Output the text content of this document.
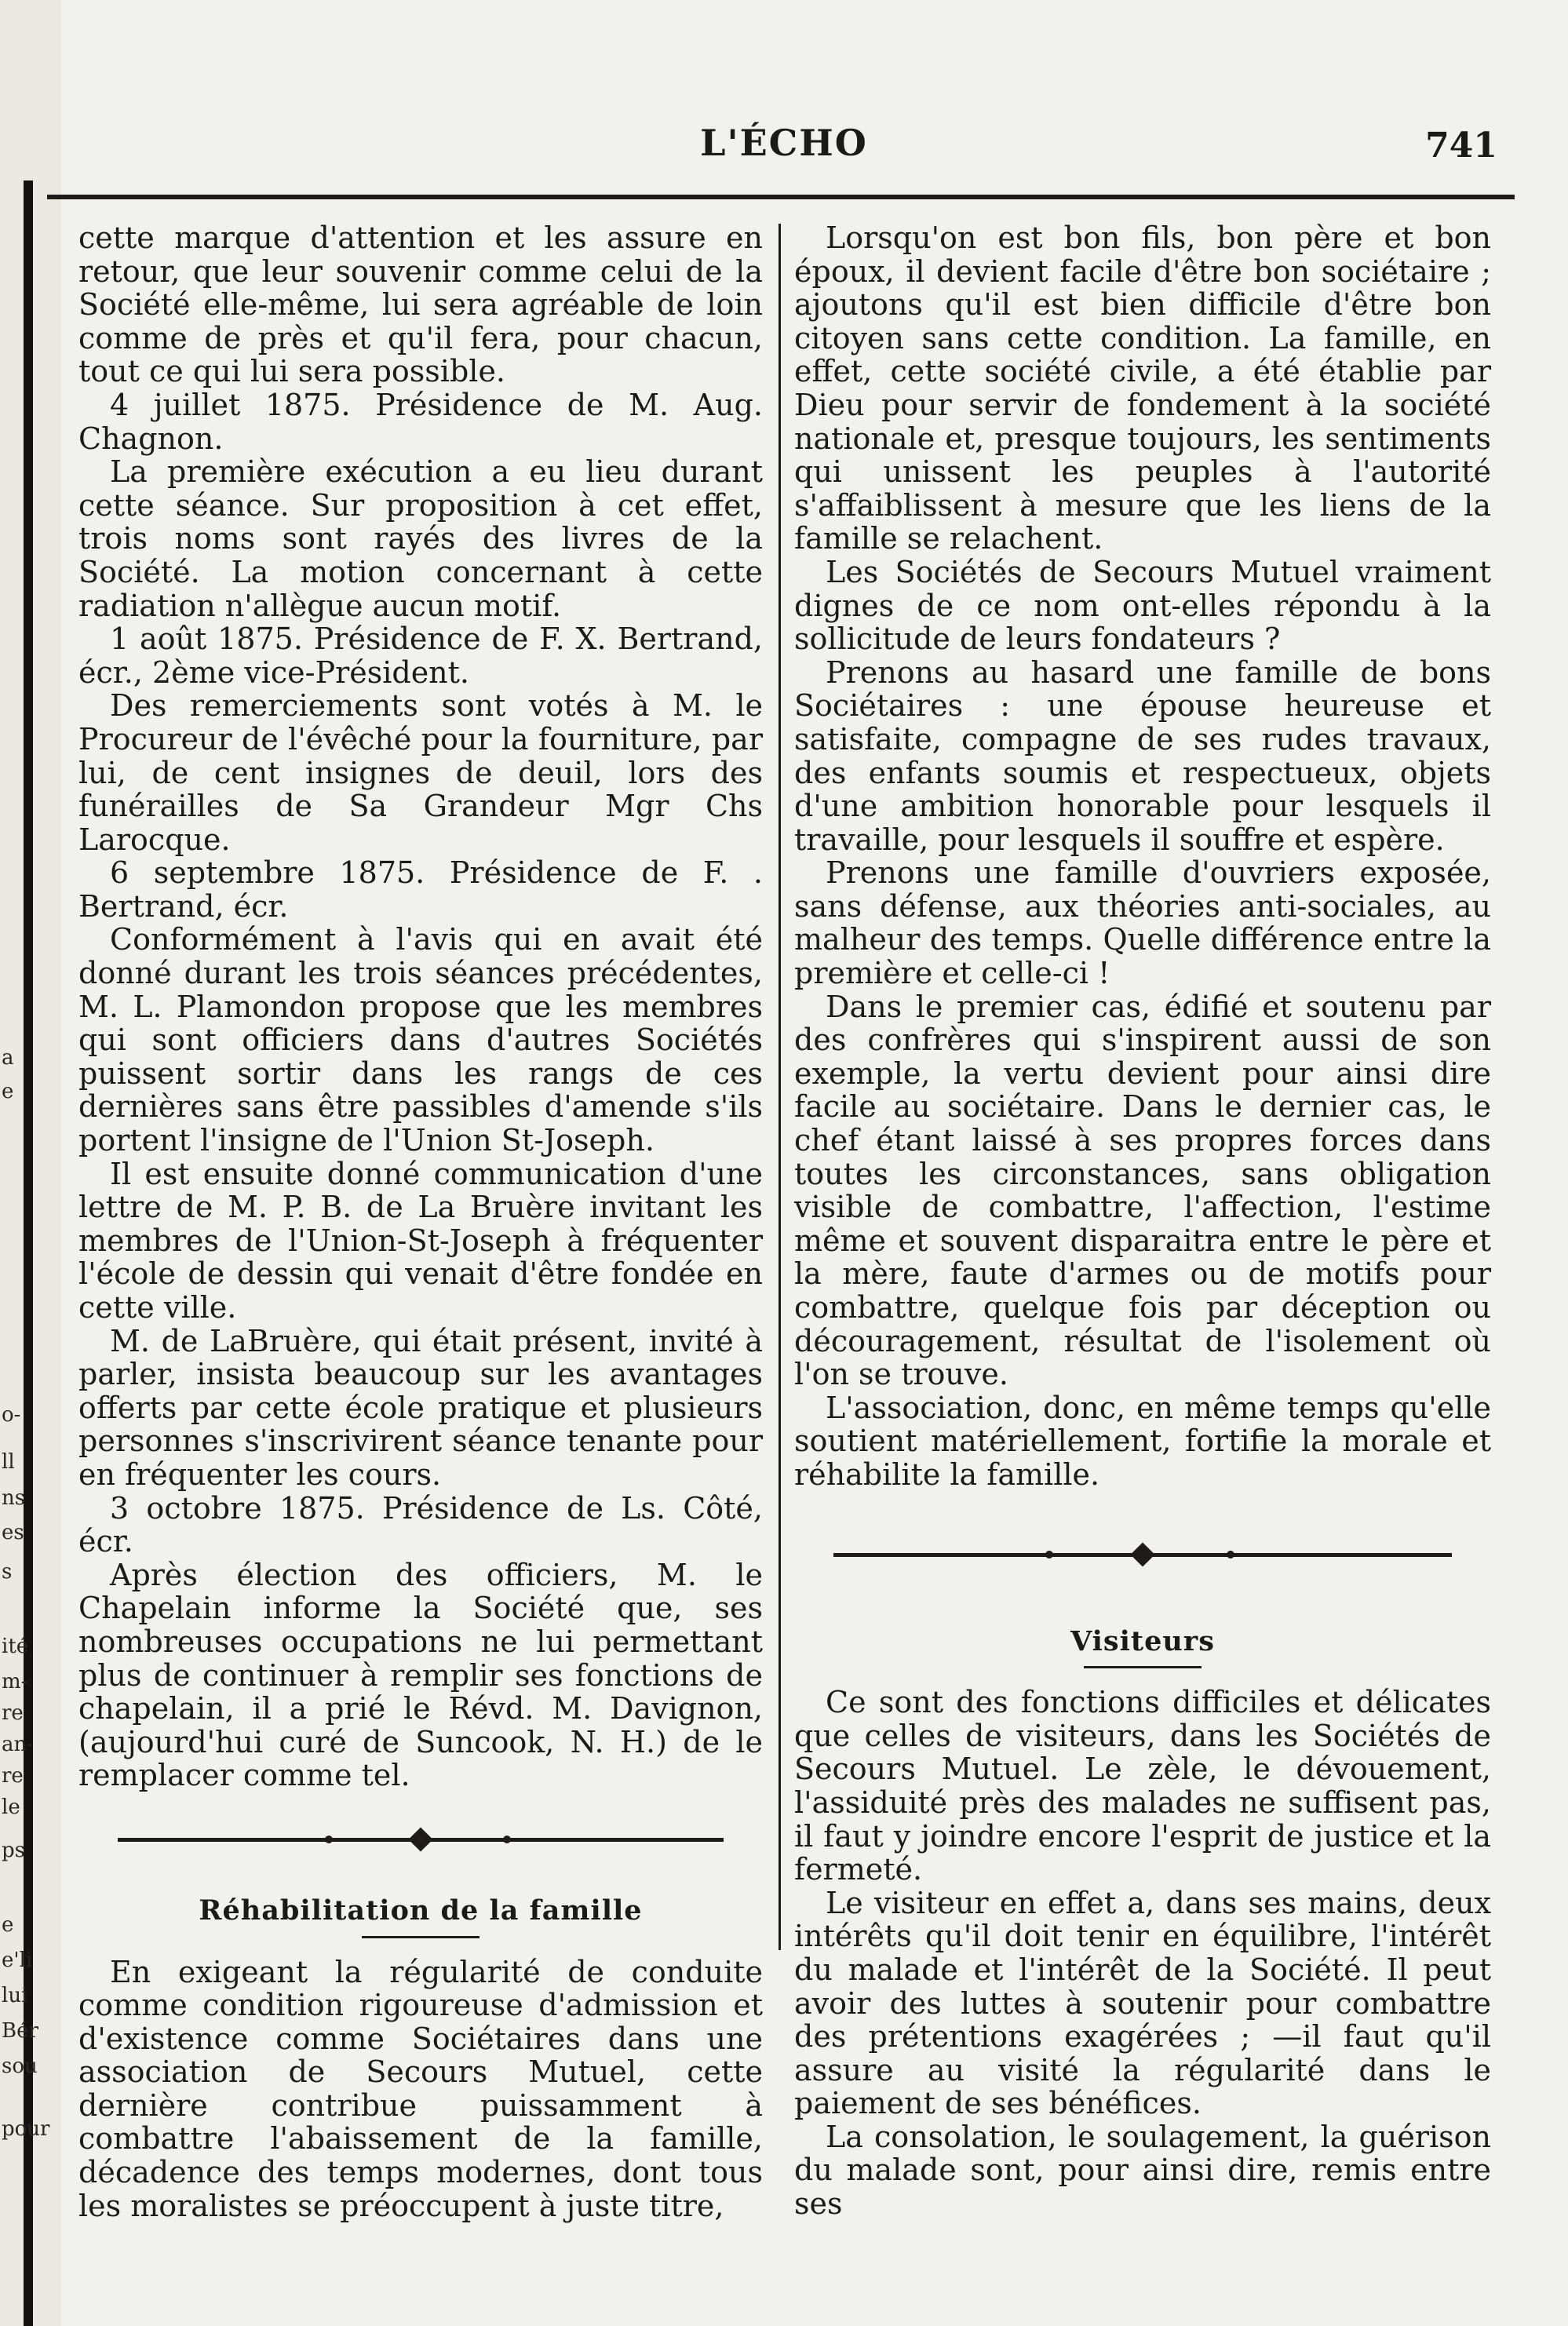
a
e
o-
ll
ns
es
s
ité
m-
re
an-
re
le
ps
e
e'li
lui
Bér
sou
pour
L'ÉCHO	741

cette marque d'attention et les assure en retour, que leur souvenir comme celui de la Société elle-même, lui sera agréable de loin comme de près et qu'il fera, pour chacun, tout ce qui lui sera possible.

4 juillet 1875. Présidence de M. Aug. Chagnon.

La première exécution a eu lieu durant cette séance. Sur proposition à cet effet, trois noms sont rayés des livres de la Société. La motion concernant à cette radiation n'allègue aucun motif.

1 août 1875. Présidence de F. X. Bertrand, écr., 2ème vice-Président.

Des remerciements sont votés à M. le Procureur de l'évêché pour la fourniture, par lui, de cent insignes de deuil, lors des funérailles de Sa Grandeur Mgr Chs Larocque.

6 septembre 1875. Présidence de F. . Bertrand, écr.

Conformément à l'avis qui en avait été donné durant les trois séances précédentes, M. L. Plamondon propose que les membres qui sont officiers dans d'autres Sociétés puissent sortir dans les rangs de ces dernières sans être passibles d'amende s'ils portent l'insigne de l'Union St-Joseph.

Il est ensuite donné communication d'une lettre de M. P. B. de La Bruère invitant les membres de l'Union-St-Joseph à fréquenter l'école de dessin qui venait d'être fondée en cette ville.

M. de LaBruère, qui était présent, invité à parler, insista beaucoup sur les avantages offerts par cette école pratique et plusieurs personnes s'inscrivirent séance tenante pour en fréquenter les cours.

3 octobre 1875. Présidence de Ls. Côté, écr.

Après élection des officiers, M. le Chapelain informe la Société que, ses nombreuses occupations ne lui permettant plus de continuer à remplir ses fonctions de chapelain, il a prié le Révd. M. Davignon, (aujourd'hui curé de Suncook, N. H.) de le remplacer comme tel.

Réhabilitation de la famille

En exigeant la régularité de conduite comme condition rigoureuse d'admission et d'existence comme Sociétaires dans une association de Secours Mutuel, cette dernière contribue puissamment à combattre l'abaissement de la famille, décadence des temps modernes, dont tous les moralistes se préoccupent à juste titre,

Lorsqu'on est bon fils, bon père et bon époux, il devient facile d'être bon sociétaire ; ajoutons qu'il est bien difficile d'être bon citoyen sans cette condition. La famille, en effet, cette société civile, a été établie par Dieu pour servir de fondement à la société nationale et, presque toujours, les sentiments qui unissent les peuples à l'autorité s'affaiblissent à mesure que les liens de la famille se relachent.

Les Sociétés de Secours Mutuel vraiment dignes de ce nom ont-elles répondu à la sollicitude de leurs fondateurs ?

Prenons au hasard une famille de bons Sociétaires : une épouse heureuse et satisfaite, compagne de ses rudes travaux, des enfants soumis et respectueux, objets d'une ambition honorable pour lesquels il travaille, pour lesquels il souffre et espère.

Prenons une famille d'ouvriers exposée, sans défense, aux théories anti-sociales, au malheur des temps. Quelle différence entre la première et celle-ci !

Dans le premier cas, édifié et soutenu par des confrères qui s'inspirent aussi de son exemple, la vertu devient pour ainsi dire facile au sociétaire. Dans le dernier cas, le chef étant laissé à ses propres forces dans toutes les circonstances, sans obligation visible de combattre, l'affection, l'estime même et souvent disparaitra entre le père et la mère, faute d'armes ou de motifs pour combattre, quelque fois par déception ou découragement, résultat de l'isolement où l'on se trouve.

L'association, donc, en même temps qu'elle soutient matériellement, fortifie la morale et réhabilite la famille.

Visiteurs

Ce sont des fonctions difficiles et délicates que celles de visiteurs, dans les Sociétés de Secours Mutuel. Le zèle, le dévouement, l'assiduité près des malades ne suffisent pas, il faut y joindre encore l'esprit de justice et la fermeté.

Le visiteur en effet a, dans ses mains, deux intérêts qu'il doit tenir en équilibre, l'intérêt du malade et l'intérêt de la Société. Il peut avoir des luttes à soutenir pour combattre des prétentions exagérées ; —il faut qu'il assure au visité la régularité dans le paiement de ses bénéfices.

La consolation, le soulagement, la guérison du malade sont, pour ainsi dire, remis entre ses
